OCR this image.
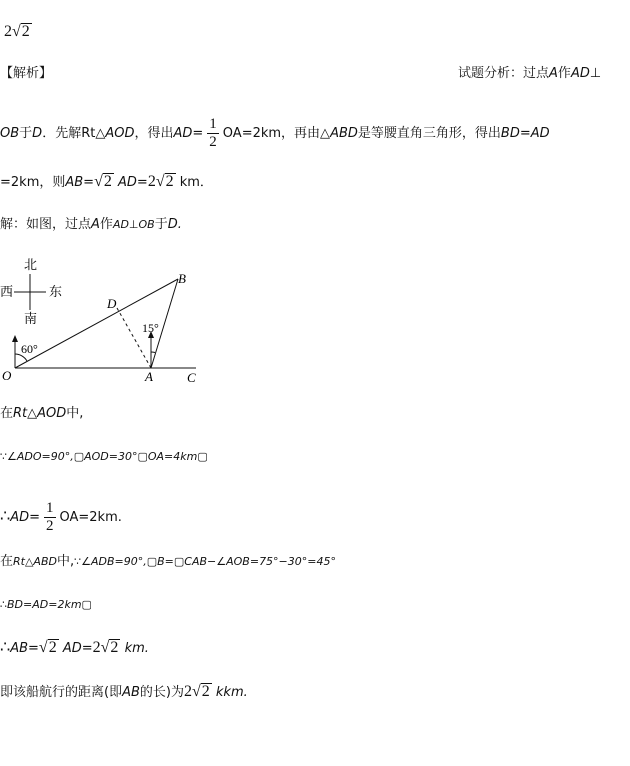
2√2
【解析】	试题分析：过点A作AD⊥
OB于D．先解Rt△AOD，得出$AD= \frac{1}{2} OA=2km$，再由△ABD是等腰直角三角形，得出BD=AD
=2km，则AB=√2 AD=2√2 km．
解：如图，过点A作AD⊥OB于D.
北
南
西	东
60°
15°
O	A	C
B
D
在Rt△AOD中,
∵∠ADO=90°,▢AOD=30°▢OA=4km▢
∴AD= $\frac{1}{2} OA=2km$.
在Rt△ABD中,∵∠ADB=90°,▢B=▢CAB−∠AOB=75°−30°=45°
∴BD=AD=2km▢
∴AB=√2 AD=2√2 km.
即该船航行的距离(即AB的长)为2√2 kkm.
